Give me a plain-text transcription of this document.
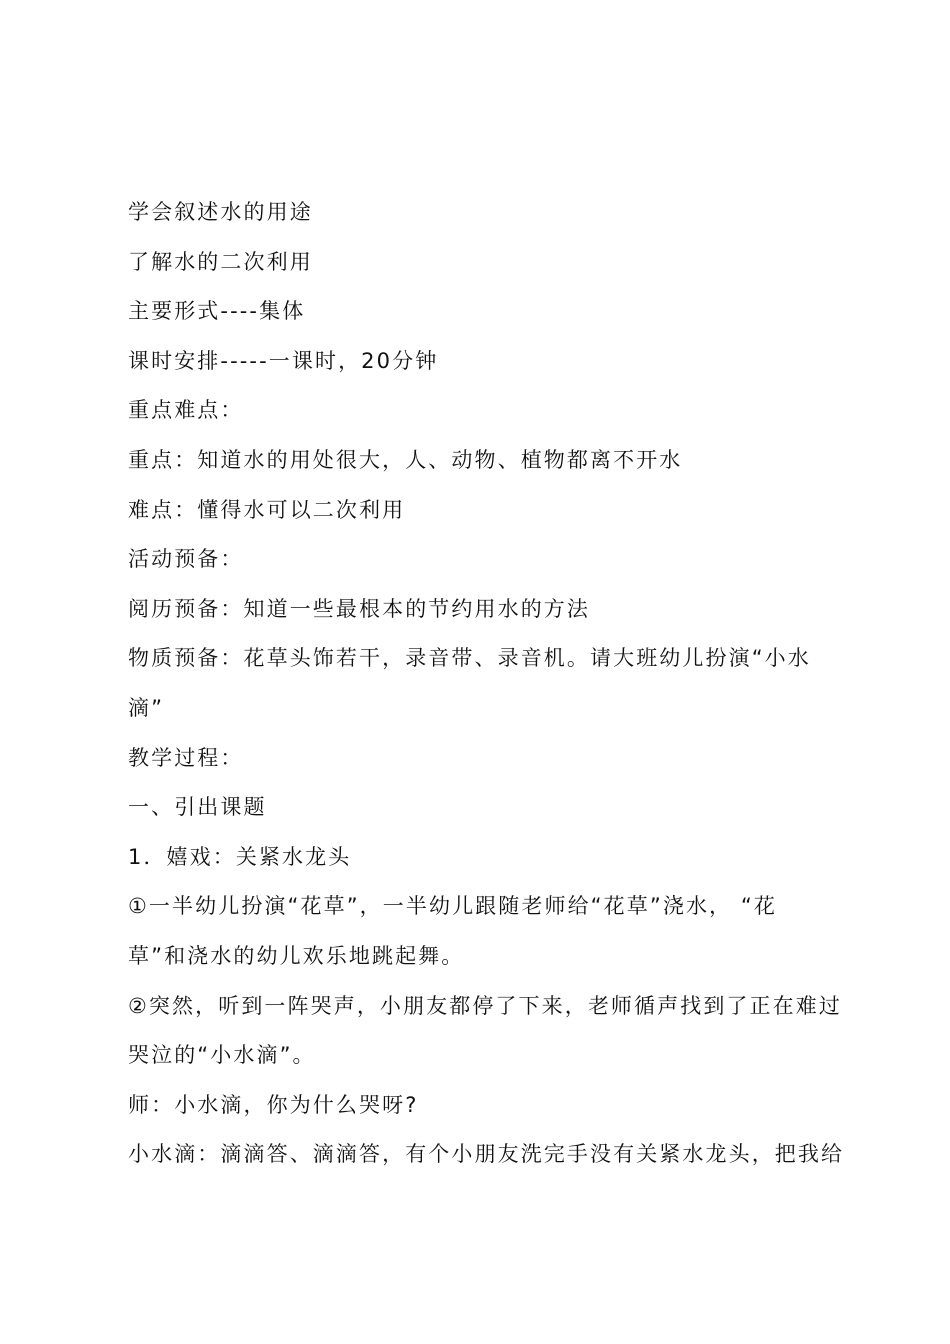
学会叙述水的用途
了解水的二次利用
主要形式----集体
课时安排-----一课时，20分钟
重点难点：
重点：知道水的用处很大，人、动物、植物都离不开水
难点：懂得水可以二次利用
活动预备：
阅历预备：知道一些最根本的节约用水的方法
物质预备：花草头饰若干，录音带、录音机。请大班幼儿扮演“小水
滴”
教学过程：
一、引出课题
1．嬉戏：关紧水龙头
①一半幼儿扮演“花草”，一半幼儿跟随老师给“花草”浇水， “花
草”和浇水的幼儿欢乐地跳起舞。
②突然，听到一阵哭声，小朋友都停了下来，老师循声找到了正在难过
哭泣的“小水滴”。
师：小水滴，你为什么哭呀?
小水滴：滴滴答、滴滴答，有个小朋友洗完手没有关紧水龙头，把我给
